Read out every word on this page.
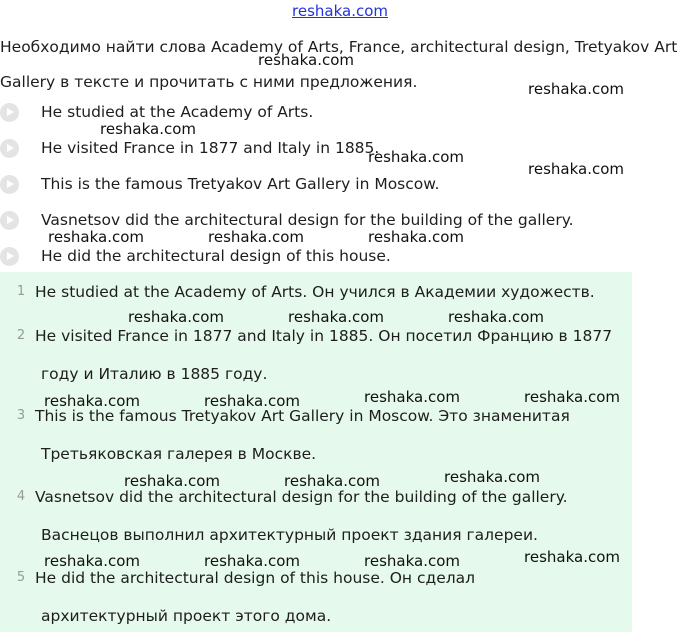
reshaka.com
Необходимо найти слова Academy of Arts, France, architectural design, Tretyakov Art Gallery в тексте и прочитать с ними предложения.
He studied at the Academy of Arts.
He visited France in 1877 and Italy in 1885.
This is the famous Tretyakov Art Gallery in Moscow.
Vasnetsov did the architectural design for the building of the gallery.
He did the architectural design of this house.
1 He studied at the Academy of Arts. Он учился в Академии художеств.
2 He visited France in 1877 and Italy in 1885. Он посетил Францию в 1877
году и Италию в 1885 году.
3 This is the famous Tretyakov Art Gallery in Moscow. Это знаменитая
Третьяковская галерея в Москве.
4 Vasnetsov did the architectural design for the building of the gallery.
Васнецов выполнил архитектурный проект здания галереи.
5 He did the architectural design of this house. Он сделал
архитектурный проект этого дома.
reshaka.com
reshaka.com
reshaka.com
reshaka.com
reshaka.com
reshaka.com	reshaka.com	reshaka.com
reshaka.com	reshaka.com	reshaka.com
reshaka.com	reshaka.com
reshaka.com	reshaka.com
reshaka.com
reshaka.com	reshaka.com
reshaka.com
reshaka.com	reshaka.com	reshaka.com
